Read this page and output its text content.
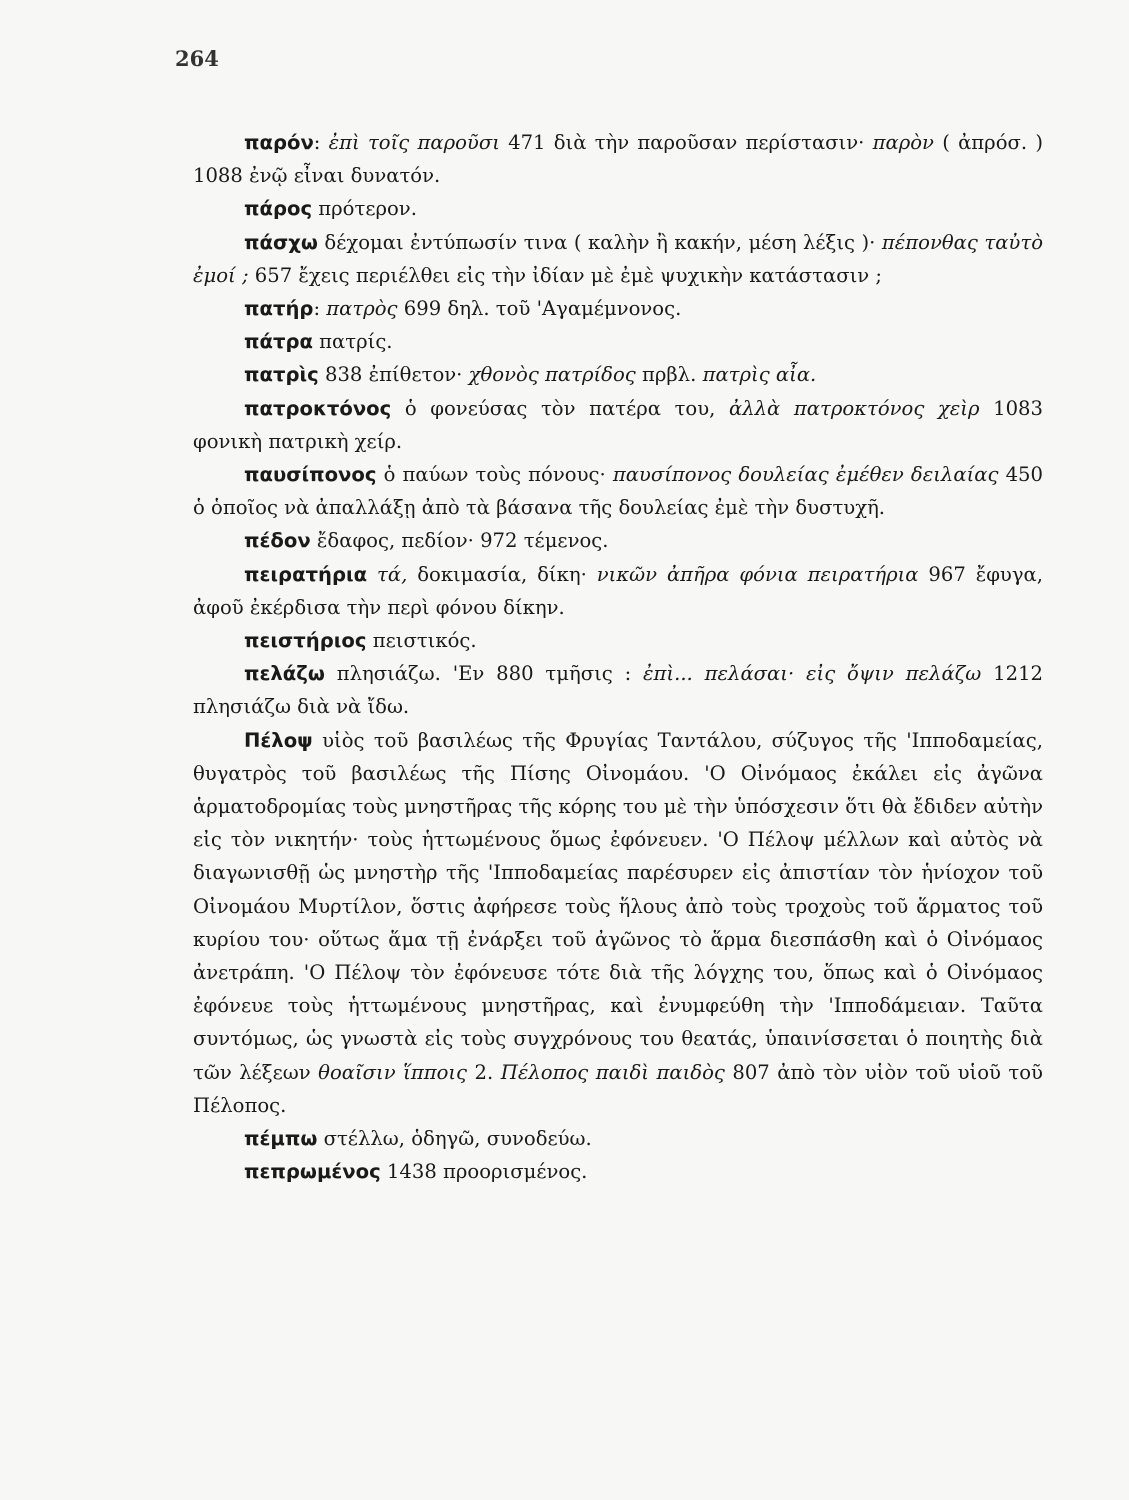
264

παρόν: ἐπὶ τοῖς παροῦσι 471 διὰ τὴν παροῦσαν περίστασιν· παρὸν ( ἀπρόσ. ) 1088 ἐνῷ εἶναι δυνατόν.

πάρος πρότερον.

πάσχω δέχομαι ἐντύπωσίν τινα ( καλὴν ἢ κακήν, μέση λέξις )· πέπονθας ταὐτὸ ἐμοί ; 657 ἔχεις περιέλθει εἰς τὴν ἰδίαν μὲ ἐμὲ ψυχικὴν κατάστασιν ;

πατήρ: πατρὸς 699 δηλ. τοῦ 'Αγαμέμνονος.

πάτρα πατρίς.

πατρὶς 838 ἐπίθετον· χθονὸς πατρίδος πρβλ. πατρὶς αἶα.

πατροκτόνος ὁ φονεύσας τὸν πατέρα του, ἀλλὰ πατροκτόνος χεὶρ 1083 φονικὴ πατρικὴ χείρ.

παυσίπονος ὁ παύων τοὺς πόνους· παυσίπονος δουλείας ἐμέθεν δειλαίας 450 ὁ ὁποῖος νὰ ἀπαλλάξῃ ἀπὸ τὰ βάσανα τῆς δουλείας ἐμὲ τὴν δυστυχῆ.

πέδον ἔδαφος, πεδίον· 972 τέμενος.

πειρατήρια τά, δοκιμασία, δίκη· νικῶν ἀπῆρα φόνια πειρατήρια 967 ἔφυγα, ἀφοῦ ἐκέρδισα τὴν περὶ φόνου δίκην.

πειστήριος πειστικός.

πελάζω πλησιάζω. 'Εν 880 τμῆσις : ἐπὶ... πελάσαι· εἰς ὄψιν πελάζω 1212 πλησιάζω διὰ νὰ ἴδω.

Πέλοψ υἱὸς τοῦ βασιλέως τῆς Φρυγίας Ταντάλου, σύζυγος τῆς 'Ιπποδαμείας, θυγατρὸς τοῦ βασιλέως τῆς Πίσης Οἰνομάου. 'Ο Οἰνόμαος ἐκάλει εἰς ἀγῶνα ἁρματοδρομίας τοὺς μνηστῆρας τῆς κόρης του μὲ τὴν ὑπόσχεσιν ὅτι θὰ ἔδιδεν αὐτὴν εἰς τὸν νικητήν· τοὺς ἡττωμένους ὅμως ἐφόνευεν. 'Ο Πέλοψ μέλλων καὶ αὐτὸς νὰ διαγωνισθῇ ὡς μνηστὴρ τῆς 'Ιπποδαμείας παρέσυρεν εἰς ἀπιστίαν τὸν ἡνίοχον τοῦ Οἰνομάου Μυρτίλον, ὅστις ἀφήρεσε τοὺς ἥλους ἀπὸ τοὺς τροχοὺς τοῦ ἅρματος τοῦ κυρίου του· οὕτως ἅμα τῇ ἐνάρξει τοῦ ἀγῶνος τὸ ἅρμα διεσπάσθη καὶ ὁ Οἰνόμαος ἀνετράπη. 'Ο Πέλοψ τὸν ἐφόνευσε τότε διὰ τῆς λόγχης του, ὅπως καὶ ὁ Οἰνόμαος ἐφόνευε τοὺς ἡττωμένους μνηστῆρας, καὶ ἐνυμφεύθη τὴν 'Ιπποδάμειαν. Ταῦτα συντόμως, ὡς γνωστὰ εἰς τοὺς συγχρόνους του θεατάς, ὑπαινίσσεται ὁ ποιητὴς διὰ τῶν λέξεων θοαῖσιν ἵπποις 2. Πέλοπος παιδὶ παιδὸς 807 ἀπὸ τὸν υἱὸν τοῦ υἱοῦ τοῦ Πέλοπος.

πέμπω στέλλω, ὁδηγῶ, συνοδεύω.

πεπρωμένος 1438 προορισμένος.
